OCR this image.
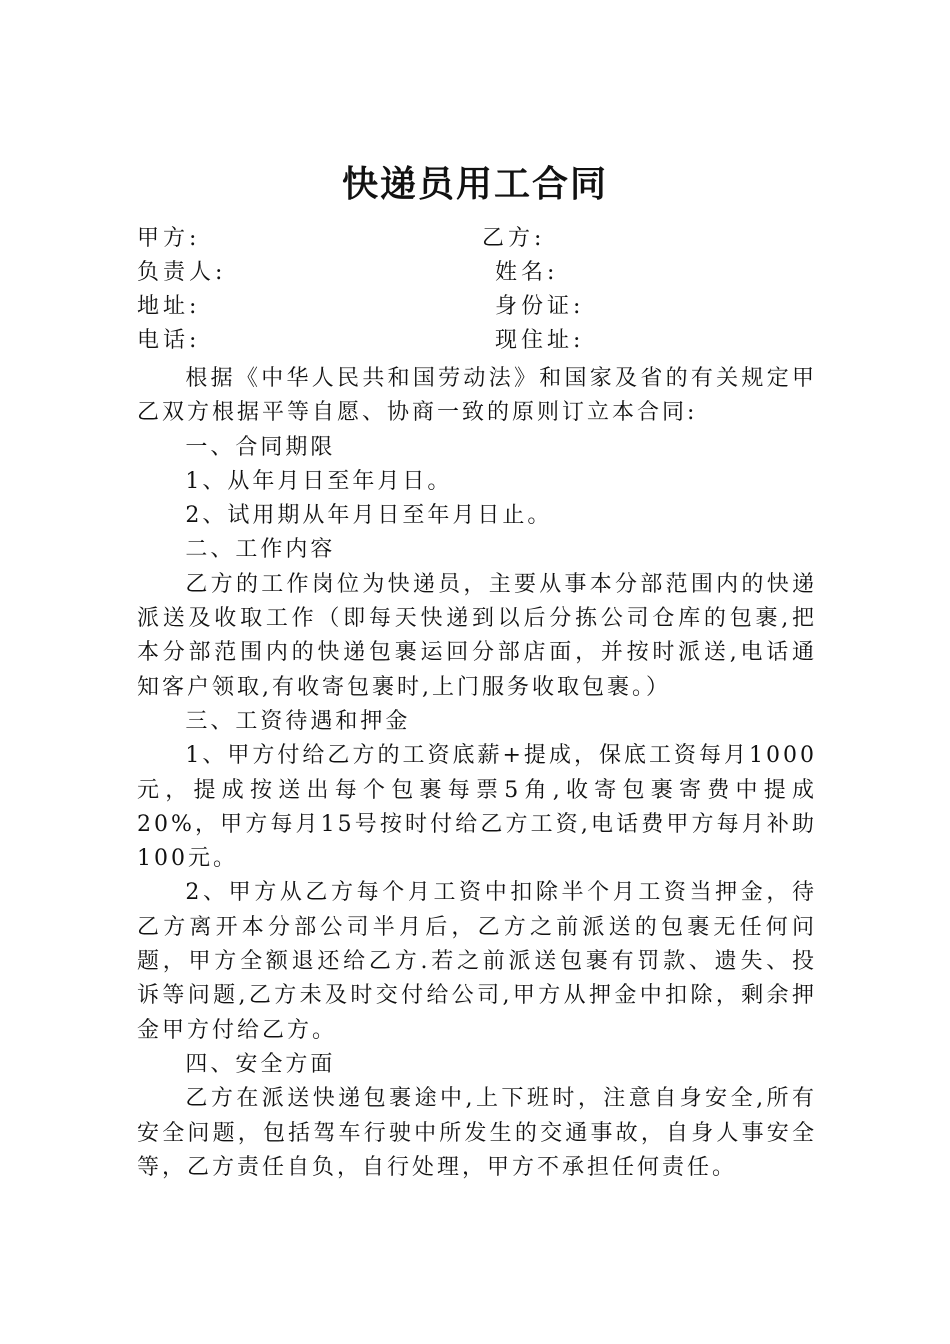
快递员用工合同
甲方:	乙方:
负责人:	姓名:
地址:	身份证:
电话:	现住址:

根据《中华人民共和国劳动法》和国家及省的有关规定甲乙双方根据平等自愿、协商一致的原则订立本合同:

一、合同期限

1、从年月日至年月日。

2、试用期从年月日至年月日止。

二、工作内容

乙方的工作岗位为快递员，主要从事本分部范围内的快递派送及收取工作（即每天快递到以后分拣公司仓库的包裹,把本分部范围内的快递包裹运回分部店面，并按时派送,电话通知客户领取,有收寄包裹时,上门服务收取包裹。）

三、工资待遇和押金

1、甲方付给乙方的工资底薪+提成，保底工资每月1000元，提成按送出每个包裹每票5角,收寄包裹寄费中提成20%，甲方每月15号按时付给乙方工资,电话费甲方每月补助100元。

2、甲方从乙方每个月工资中扣除半个月工资当押金，待乙方离开本分部公司半月后，乙方之前派送的包裹无任何问题，甲方全额退还给乙方.若之前派送包裹有罚款、遗失、投诉等问题,乙方未及时交付给公司,甲方从押金中扣除，剩余押金甲方付给乙方。

四、安全方面

乙方在派送快递包裹途中,上下班时，注意自身安全,所有安全问题，包括驾车行驶中所发生的交通事故，自身人事安全等，乙方责任自负，自行处理，甲方不承担任何责任。
